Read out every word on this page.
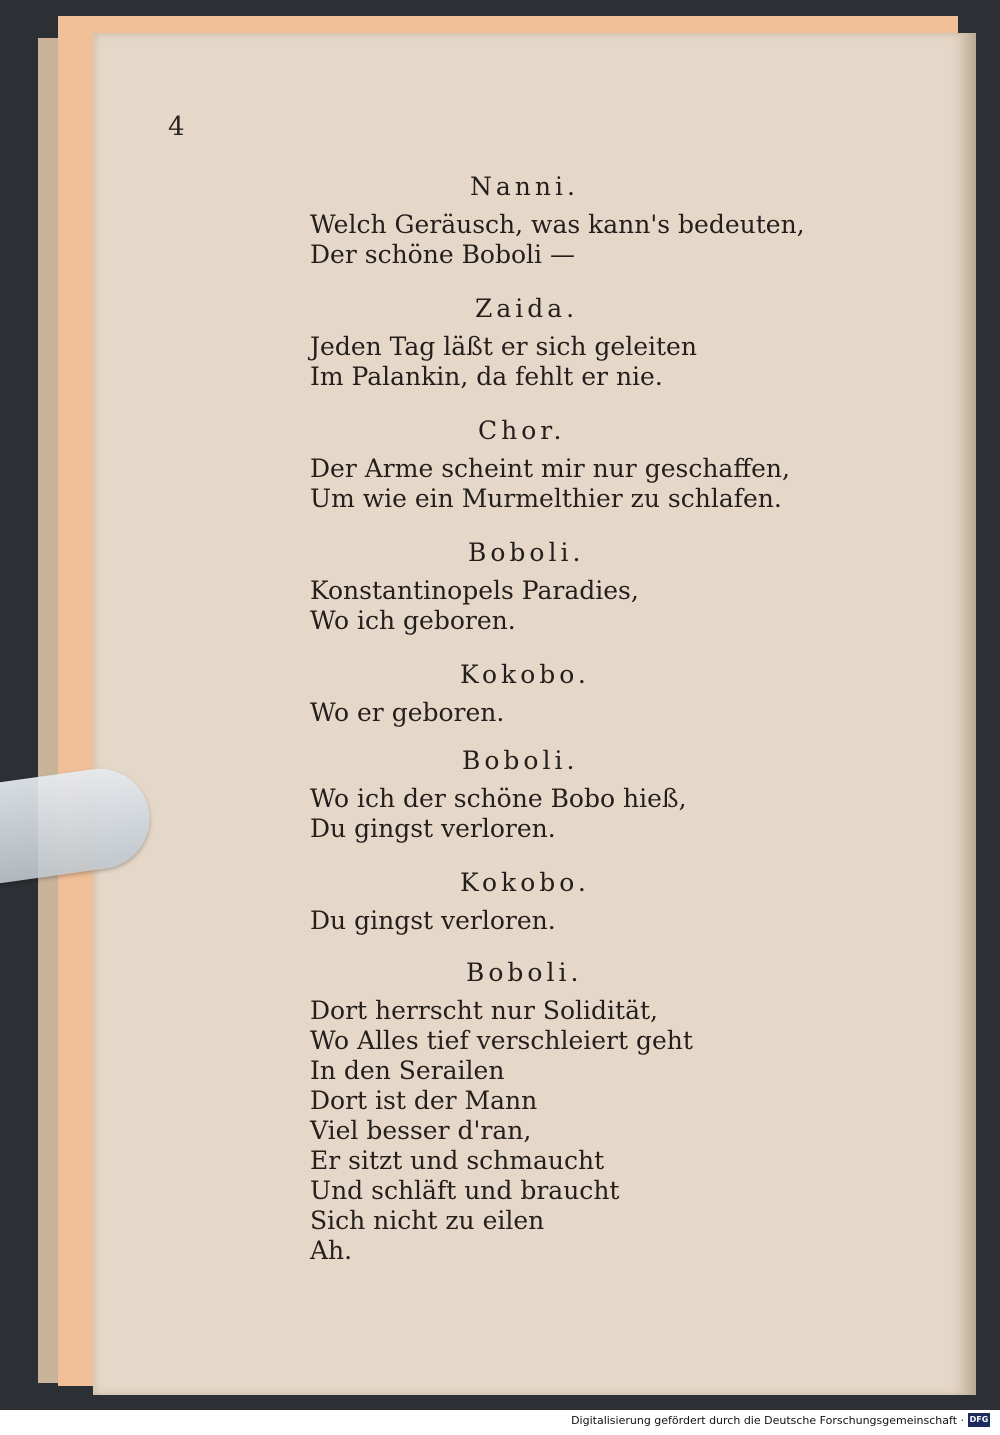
4

Nanni.

Welch Geräusch, was kann's bedeuten,

Der schöne Boboli —

Zaida.

Jeden Tag läßt er sich geleiten

Im Palankin, da fehlt er nie.

Chor.

Der Arme scheint mir nur geschaffen,

Um wie ein Murmelthier zu schlafen.

Boboli.

Konstantinopels Paradies,

Wo ich geboren.

Kokobo.

Wo er geboren.

Boboli.

Wo ich der schöne Bobo hieß,

Du gingst verloren.

Kokobo.

Du gingst verloren.

Boboli.

Dort herrscht nur Solidität,

Wo Alles tief verschleiert geht

In den Serailen

Dort ist der Mann

Viel besser d'ran,

Er sitzt und schmaucht

Und schläft und braucht

Sich nicht zu eilen

Ah.

Digitalisierung gefördert durch die Deutsche Forschungsgemeinschaft · DFG
